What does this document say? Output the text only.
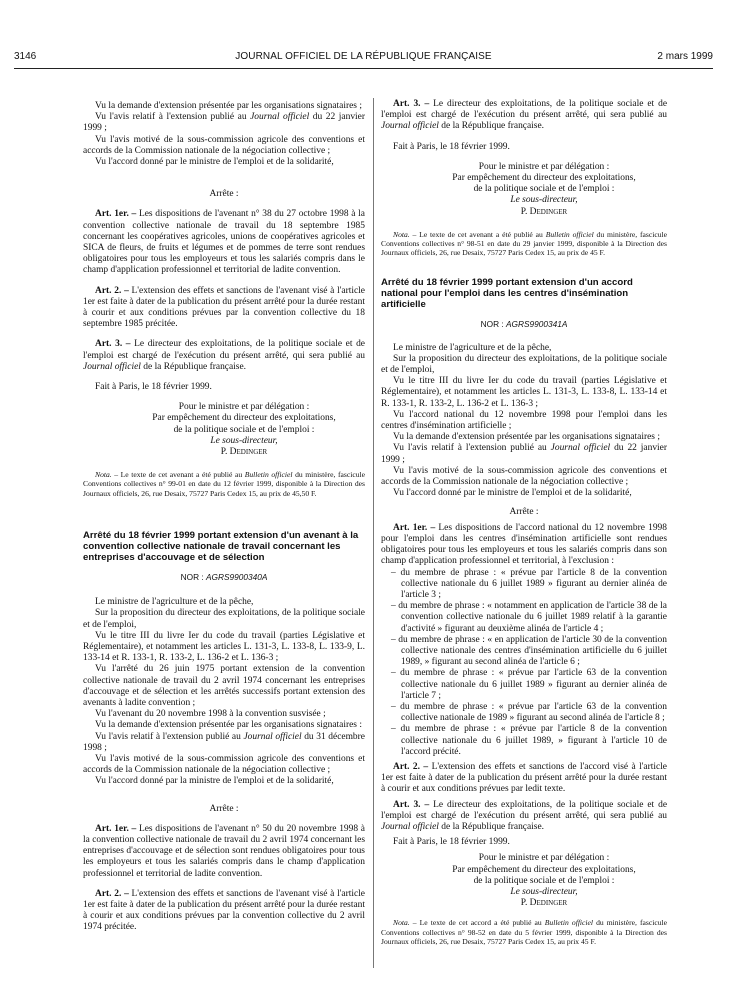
3146	JOURNAL OFFICIEL DE LA RÉPUBLIQUE FRANÇAISE	2 mars 1999

Vu la demande d'extension présentée par les organisations signataires ;

Vu l'avis relatif à l'extension publié au Journal officiel du 22 janvier 1999 ;

Vu l'avis motivé de la sous-commission agricole des conventions et accords de la Commission nationale de la négociation collective ;

Vu l'accord donné par le ministre de l'emploi et de la solidarité,

Arrête :

Art. 1er. – Les dispositions de l'avenant n° 38 du 27 octobre 1998 à la convention collective nationale de travail du 18 septembre 1985 concernant les coopératives agricoles, unions de coopératives agricoles et SICA de fleurs, de fruits et légumes et de pommes de terre sont rendues obligatoires pour tous les employeurs et tous les salariés compris dans le champ d'application professionnel et territorial de ladite convention.

Art. 2. – L'extension des effets et sanctions de l'avenant visé à l'article 1er est faite à dater de la publication du présent arrêté pour la durée restant à courir et aux conditions prévues par la convention collective du 18 septembre 1985 précitée.

Art. 3. – Le directeur des exploitations, de la politique sociale et de l'emploi est chargé de l'exécution du présent arrêté, qui sera publié au Journal officiel de la République française.

Fait à Paris, le 18 février 1999.

Pour le ministre et par délégation :
Par empêchement du directeur des exploitations,
de la politique sociale et de l'emploi :
Le sous-directeur,
P. Dedinger

Nota. – Le texte de cet avenant a été publié au Bulletin officiel du ministère, fascicule Conventions collectives n° 99-01 en date du 12 février 1999, disponible à la Direction des Journaux officiels, 26, rue Desaix, 75727 Paris Cedex 15, au prix de 45,50 F.

Arrêté du 18 février 1999 portant extension d'un avenant à la convention collective nationale de travail concernant les entreprises d'accouvage et de sélection

NOR : AGRS9900340A

Le ministre de l'agriculture et de la pêche,

Sur la proposition du directeur des exploitations, de la politique sociale et de l'emploi,

Vu le titre III du livre Ier du code du travail (parties Législative et Réglementaire), et notamment les articles L. 131-3, L. 133-8, L. 133-9, L. 133-14 et R. 133-1, R. 133-2, L. 136-2 et L. 136-3 ;

Vu l'arrêté du 26 juin 1975 portant extension de la convention collective nationale de travail du 2 avril 1974 concernant les entreprises d'accouvage et de sélection et les arrêtés successifs portant extension des avenants à ladite convention ;

Vu l'avenant du 20 novembre 1998 à la convention susvisée ;

Vu la demande d'extension présentée par les organisations signataires :

Vu l'avis relatif à l'extension publié au Journal officiel du 31 décembre 1998 ;

Vu l'avis motivé de la sous-commission agricole des conventions et accords de la Commission nationale de la négociation collective ;

Vu l'accord donné par la ministre de l'emploi et de la solidarité,

Arrête :

Art. 1er. – Les dispositions de l'avenant n° 50 du 20 novembre 1998 à la convention collective nationale de travail du 2 avril 1974 concernant les entreprises d'accouvage et de sélection sont rendues obligatoires pour tous les employeurs et tous les salariés compris dans le champ d'application professionnel et territorial de ladite convention.

Art. 2. – L'extension des effets et sanctions de l'avenant visé à l'article 1er est faite à dater de la publication du présent arrêté pour la durée restant à courir et aux conditions prévues par la convention collective du 2 avril 1974 précitée.

Art. 3. – Le directeur des exploitations, de la politique sociale et de l'emploi est chargé de l'exécution du présent arrêté, qui sera publié au Journal officiel de la République française.

Fait à Paris, le 18 février 1999.

Pour le ministre et par délégation :
Par empêchement du directeur des exploitations,
de la politique sociale et de l'emploi :
Le sous-directeur,
P. Dedinger

Nota. – Le texte de cet avenant a été publié au Bulletin officiel du ministère, fascicule Conventions collectives n° 98-51 en date du 29 janvier 1999, disponible à la Direction des Journaux officiels, 26, rue Desaix, 75727 Paris Cedex 15, au prix de 45 F.

Arrêté du 18 février 1999 portant extension d'un accord national pour l'emploi dans les centres d'insémination artificielle

NOR : AGRS9900341A

Le ministre de l'agriculture et de la pêche,

Sur la proposition du directeur des exploitations, de la politique sociale et de l'emploi,

Vu le titre III du livre Ier du code du travail (parties Législative et Réglementaire), et notamment les articles L. 131-3, L. 133-8, L. 133-14 et R. 133-1, R. 133-2, L. 136-2 et L. 136-3 ;

Vu l'accord national du 12 novembre 1998 pour l'emploi dans les centres d'insémination artificielle ;

Vu la demande d'extension présentée par les organisations signataires ;

Vu l'avis relatif à l'extension publié au Journal officiel du 22 janvier 1999 ;

Vu l'avis motivé de la sous-commission agricole des conventions et accords de la Commission nationale de la négociation collective ;

Vu l'accord donné par le ministre de l'emploi et de la solidarité,

Arrête :

Art. 1er. – Les dispositions de l'accord national du 12 novembre 1998 pour l'emploi dans les centres d'insémination artificielle sont rendues obligatoires pour tous les employeurs et tous les salariés compris dans son champ d'application professionnel et territorial, à l'exclusion :

– du membre de phrase : « prévue par l'article 8 de la convention collective nationale du 6 juillet 1989 » figurant au dernier alinéa de l'article 3 ;

– du membre de phrase : « notamment en application de l'article 38 de la convention collective nationale du 6 juillet 1989 relatif à la garantie d'activité » figurant au deuxième alinéa de l'article 4 ;

– du membre de phrase : « en application de l'article 30 de la convention collective nationale des centres d'insémination artificielle du 6 juillet 1989, » figurant au second alinéa de l'article 6 ;

– du membre de phrase : « prévue par l'article 63 de la convention collective nationale du 6 juillet 1989 » figurant au dernier alinéa de l'article 7 ;

– du membre de phrase : « prévue par l'article 63 de la convention collective nationale de 1989 » figurant au second alinéa de l'article 8 ;

– du membre de phrase : « prévue par l'article 8 de la convention collective nationale du 6 juillet 1989, » figurant à l'article 10 de l'accord précité.

Art. 2. – L'extension des effets et sanctions de l'accord visé à l'article 1er est faite à dater de la publication du présent arrêté pour la durée restant à courir et aux conditions prévues par ledit texte.

Art. 3. – Le directeur des exploitations, de la politique sociale et de l'emploi est chargé de l'exécution du présent arrêté, qui sera publié au Journal officiel de la République française.

Fait à Paris, le 18 février 1999.

Pour le ministre et par délégation :
Par empêchement du directeur des exploitations,
de la politique sociale et de l'emploi :
Le sous-directeur,
P. Dedinger

Nota. – Le texte de cet accord a été publié au Bulletin officiel du ministère, fascicule Conventions collectives n° 98-52 en date du 5 février 1999, disponible à la Direction des Journaux officiels, 26, rue Desaix, 75727 Paris Cedex 15, au prix 45 F.
